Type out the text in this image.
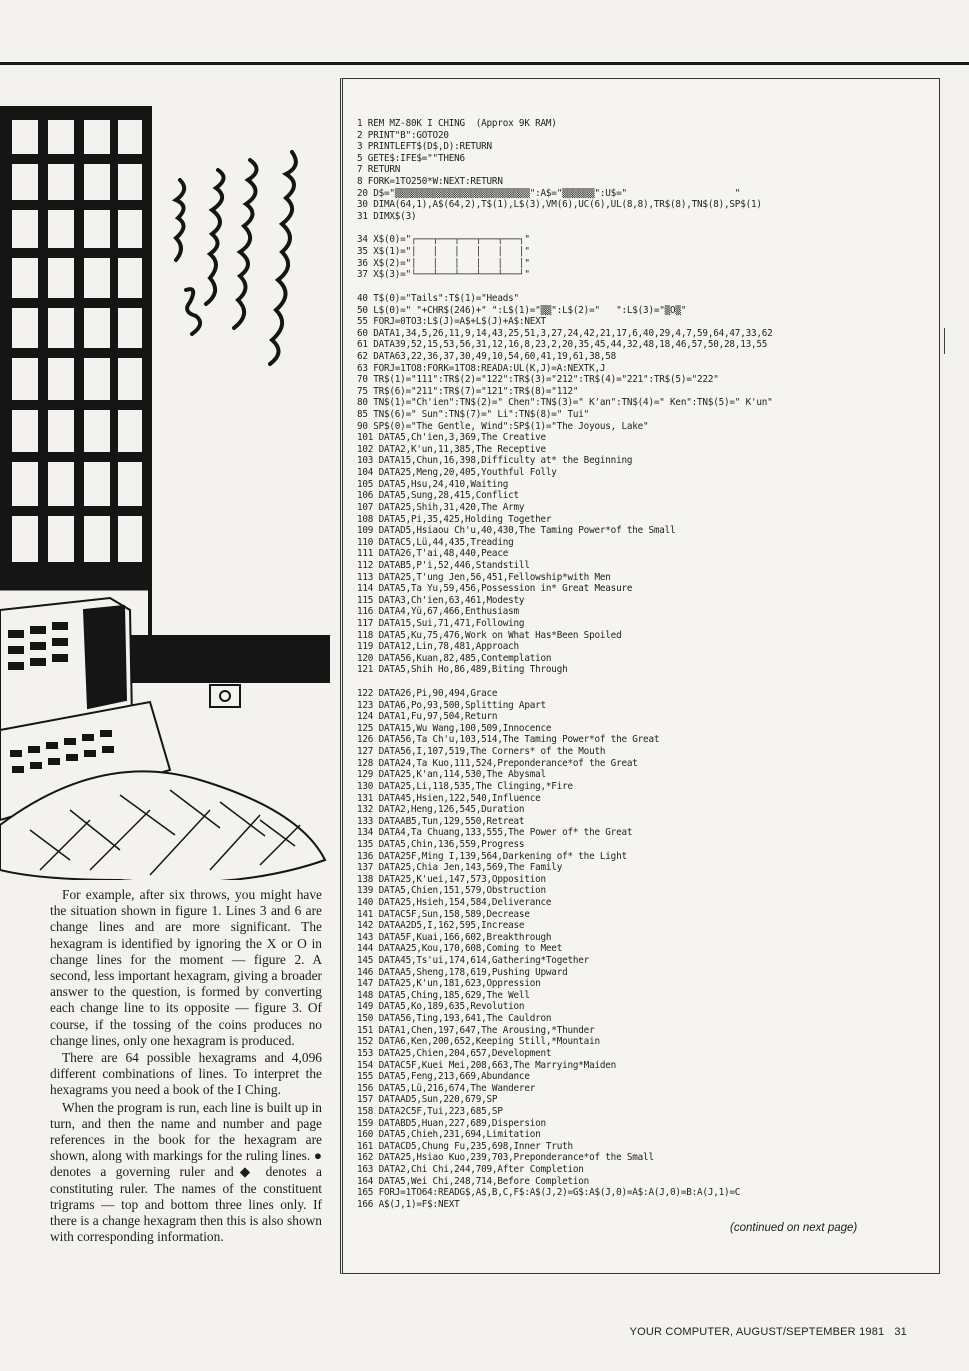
For example, after six throws, you might have the situation shown in figure 1. Lines 3 and 6 are change lines and are more significant. The hexagram is identified by ignoring the X or O in change lines for the moment — figure 2. A second, less important hexagram, giving a broader answer to the question, is formed by converting each change line to its opposite — figure 3. Of course, if the tossing of the coins produces no change lines, only one hexagram is produced.

There are 64 possible hexagrams and 4,096 different combinations of lines. To interpret the hexagrams you need a book of the I Ching.

When the program is run, each line is built up in turn, and then the name and number and page references in the book for the hexagram are shown, along with markings for the ruling lines. ● denotes a governing ruler and◆ denotes a constituting ruler. The names of the constituent trigrams — top and bottom three lines only. If there is a change hexagram then this is also shown with corresponding information.

1 REM MZ-80K I CHING  (Approx 9K RAM)
2 PRINT"B":GOTO20
3 PRINTLEFT$(D$,D):RETURN
5 GETE$:IFE$=""THEN6
7 RETURN
8 FORK=1TO250*W:NEXT:RETURN
20 D$="▒▒▒▒▒▒▒▒▒▒▒▒▒▒▒▒▒▒▒▒▒▒▒▒▒":A$="▒▒▒▒▒▒":U$="                    "
30 DIMA(64,1),A$(64,2),T$(1),L$(3),VM(6),UC(6),UL(8,8),TR$(8),TN$(8),SP$(1)
31 DIMX$(3)
34 X$(0)="┌───┬───┬───┬───┬───┐"
35 X$(1)="│   │   │   │   │   │"
36 X$(2)="│   │   │   │   │   │"
37 X$(3)="└───┴───┴───┴───┴───┘"
40 T$(0)="Tails":T$(1)="Heads"
50 L$(0)=" "+CHR$(246)+" ":L$(1)="▒▒":L$(2)="   ":L$(3)="▒O▒"
55 FORJ=0TO3:L$(J)=A$+L$(J)+A$:NEXT
60 DATA1,34,5,26,11,9,14,43,25,51,3,27,24,42,21,17,6,40,29,4,7,59,64,47,33,62
61 DATA39,52,15,53,56,31,12,16,8,23,2,20,35,45,44,32,48,18,46,57,50,28,13,55
62 DATA63,22,36,37,30,49,10,54,60,41,19,61,38,58
63 FORJ=1TO8:FORK=1TO8:READA:UL(K,J)=A:NEXTK,J
70 TR$(1)="111":TR$(2)="122":TR$(3)="212":TR$(4)="221":TR$(5)="222"
75 TR$(6)="211":TR$(7)="121":TR$(8)="112"
80 TN$(1)="Ch'ien":TN$(2)=" Chen":TN$(3)=" K'an":TN$(4)=" Ken":TN$(5)=" K'un"
85 TN$(6)=" Sun":TN$(7)=" Li":TN$(8)=" Tui"
90 SP$(0)="The Gentle, Wind":SP$(1)="The Joyous, Lake"
101 DATA5,Ch'ien,3,369,The Creative
102 DATA2,K'un,11,385,The Receptive
103 DATA15,Chun,16,398,Difficulty at* the Beginning
104 DATA25,Meng,20,405,Youthful Folly
105 DATA5,Hsu,24,410,Waiting
106 DATA5,Sung,28,415,Conflict
107 DATA25,Shih,31,420,The Army
108 DATA5,Pi,35,425,Holding Together
109 DATAD5,Hsiaou Ch'u,40,430,The Taming Power*of the Small
110 DATAC5,Lü,44,435,Treading
111 DATA26,T'ai,48,440,Peace
112 DATAB5,P'i,52,446,Standstill
113 DATA25,T'ung Jen,56,451,Fellowship*with Men
114 DATA5,Ta Yu,59,456,Possession in* Great Measure
115 DATA3,Ch'ien,63,461,Modesty
116 DATA4,Yü,67,466,Enthusiasm
117 DATA15,Sui,71,471,Following
118 DATA5,Ku,75,476,Work on What Has*Been Spoiled
119 DATA12,Lin,78,481,Approach
120 DATA56,Kuan,82,485,Contemplation
121 DATA5,Shih Ho,86,489,Biting Through
122 DATA26,Pi,90,494,Grace
123 DATA6,Po,93,500,Splitting Apart
124 DATA1,Fu,97,504,Return
125 DATA15,Wu Wang,100,509,Innocence
126 DATA56,Ta Ch'u,103,514,The Taming Power*of the Great
127 DATA56,I,107,519,The Corners* of the Mouth
128 DATA24,Ta Kuo,111,524,Preponderance*of the Great
129 DATA25,K'an,114,530,The Abysmal
130 DATA25,Li,118,535,The Clinging,*Fire
131 DATA45,Hsien,122,540,Influence
132 DATA2,Heng,126,545,Duration
133 DATAAB5,Tun,129,550,Retreat
134 DATA4,Ta Chuang,133,555,The Power of* the Great
135 DATA5,Chin,136,559,Progress
136 DATA25F,Ming I,139,564,Darkening of* the Light
137 DATA25,Chia Jen,143,569,The Family
138 DATA25,K'uei,147,573,Opposition
139 DATA5,Chien,151,579,Obstruction
140 DATA25,Hsieh,154,584,Deliverance
141 DATAC5F,Sun,158,589,Decrease
142 DATAA2D5,I,162,595,Increase
143 DATA5F,Kuai,166,602,Breakthrough
144 DATAA25,Kou,170,608,Coming to Meet
145 DATA45,Ts'ui,174,614,Gathering*Together
146 DATAA5,Sheng,178,619,Pushing Upward
147 DATA25,K'un,181,623,Oppression
148 DATA5,Ching,185,629,The Well
149 DATA5,Ko,189,635,Revolution
150 DATA56,Ting,193,641,The Cauldron
151 DATA1,Chen,197,647,The Arousing,*Thunder
152 DATA6,Ken,200,652,Keeping Still,*Mountain
153 DATA25,Chien,204,657,Development
154 DATAC5F,Kuei Mei,208,663,The Marrying*Maiden
155 DATA5,Feng,213,669,Abundance
156 DATA5,Lü,216,674,The Wanderer
157 DATAAD5,Sun,220,679,SP
158 DATA2C5F,Tui,223,685,SP
159 DATABD5,Huan,227,689,Dispersion
160 DATA5,Chieh,231,694,Limitation
161 DATACD5,Chung Fu,235,698,Inner Truth
162 DATA25,Hsiao Kuo,239,703,Preponderance*of the Small
163 DATA2,Chi Chi,244,709,After Completion
164 DATA5,Wei Chi,248,714,Before Completion
165 FORJ=1TO64:READG$,A$,B,C,F$:A$(J,2)=G$:A$(J,0)=A$:A(J,0)=B:A(J,1)=C
166 A$(J,1)=F$:NEXT
(continued on next page)
YOUR COMPUTER, AUGUST/SEPTEMBER 1981 31
